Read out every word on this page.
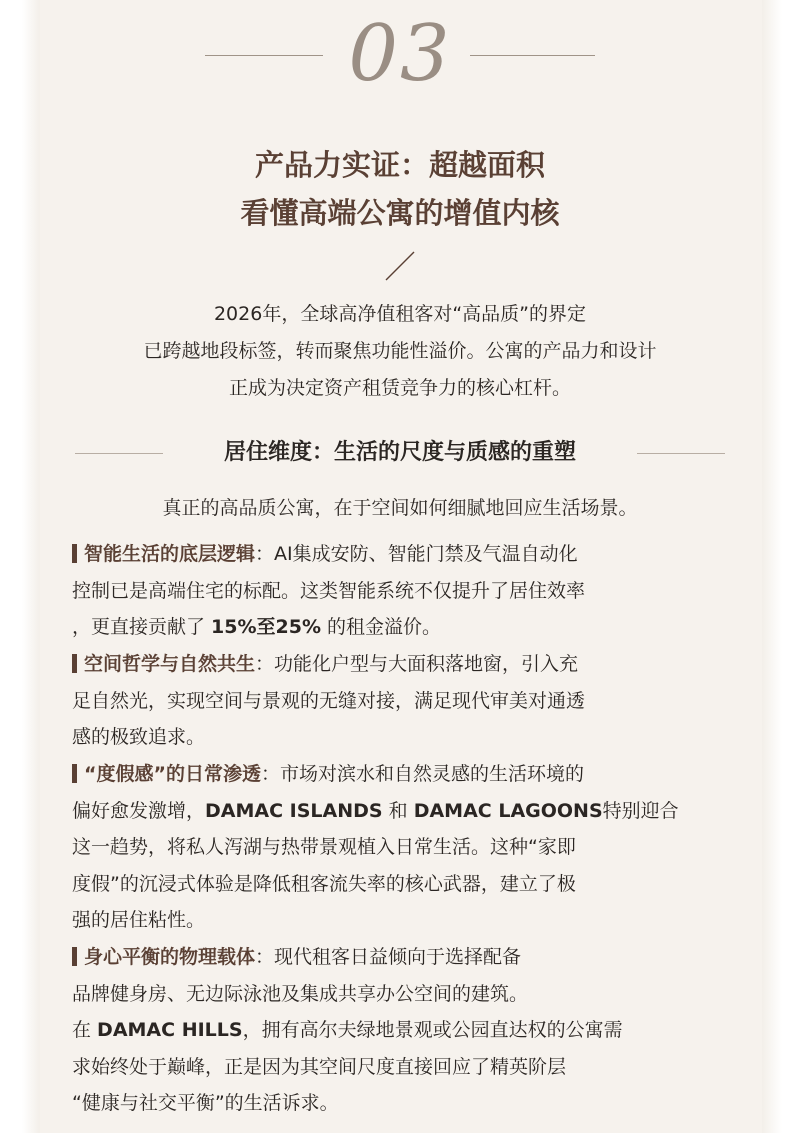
03
产品力实证：超越面积
看懂高端公寓的增值内核
2026年，全球高净值租客对“高品质”的界定
已跨越地段标签，转而聚焦功能性溢价。公寓的产品力和设计
正成为决定资产租赁竞争力的核心杠杆。
居住维度：生活的尺度与质感的重塑
真正的高品质公寓，在于空间如何细腻地回应生活场景。
智能生活的底层逻辑：AI集成安防、智能门禁及气温自动化
控制已是高端住宅的标配。这类智能系统不仅提升了居住效率
，更直接贡献了 15%至25% 的租金溢价。
空间哲学与自然共生：功能化户型与大面积落地窗，引入充
足自然光，实现空间与景观的无缝对接，满足现代审美对通透
感的极致追求。
“度假感”的日常渗透：市场对滨水和自然灵感的生活环境的
偏好愈发激增，DAMAC ISLANDS 和 DAMAC LAGOONS特别迎合
这一趋势，将私人泻湖与热带景观植入日常生活。这种“家即
度假”的沉浸式体验是降低租客流失率的核心武器，建立了极
强的居住粘性。
身心平衡的物理载体：现代租客日益倾向于选择配备
品牌健身房、无边际泳池及集成共享办公空间的建筑。
在 DAMAC HILLS，拥有高尔夫绿地景观或公园直达权的公寓需
求始终处于巅峰，正是因为其空间尺度直接回应了精英阶层
“健康与社交平衡”的生活诉求。
